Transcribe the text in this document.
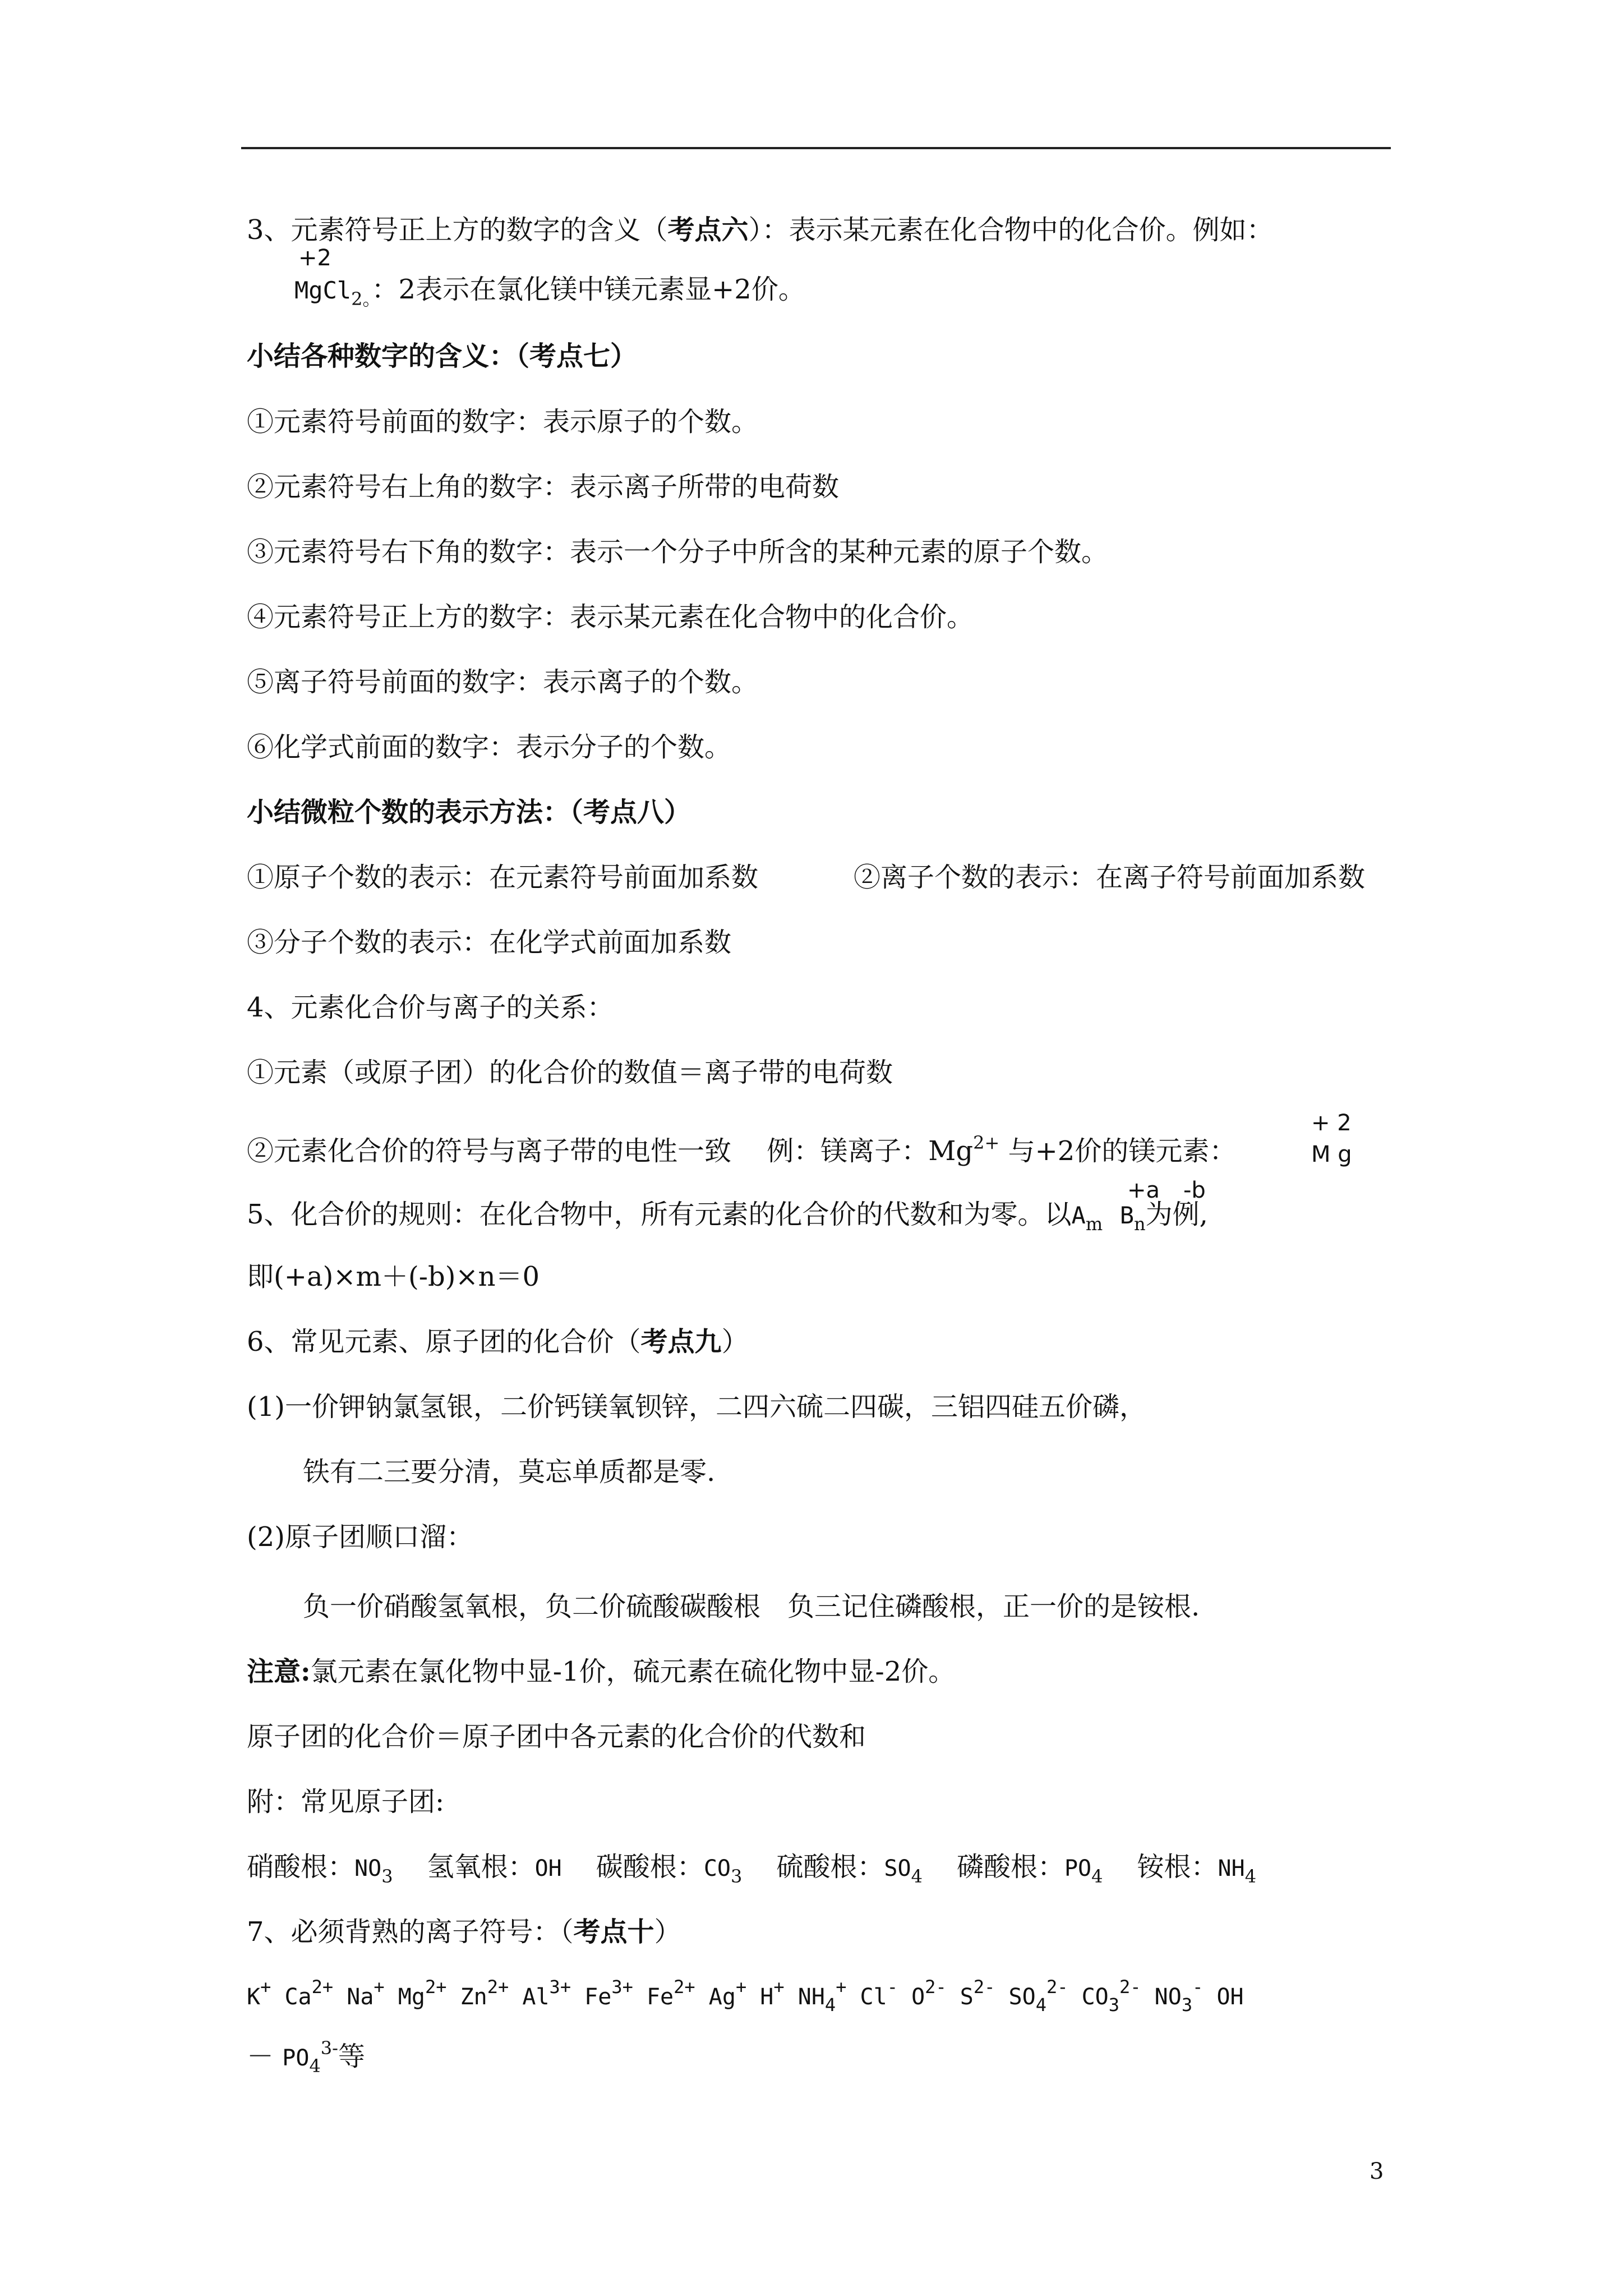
3、元素符号正上方的数字的含义（考点六）：表示某元素在化合物中的化合价。例如：
+2
MgCl$_{2。}$：2表示在氯化镁中镁元素显+2价。
小结各种数字的含义：（考点七）
①元素符号前面的数字：表示原子的个数。
②元素符号右上角的数字：表示离子所带的电荷数
③元素符号右下角的数字：表示一个分子中所含的某种元素的原子个数。
④元素符号正上方的数字：表示某元素在化合物中的化合价。
⑤离子符号前面的数字：表示离子的个数。
⑥化学式前面的数字：表示分子的个数。
小结微粒个数的表示方法：（考点八）
①原子个数的表示：在元素符号前面加系数	②离子个数的表示：在离子符号前面加系数
③分子个数的表示：在化学式前面加系数
4、元素化合价与离子的关系：
①元素（或原子团）的化合价的数值＝离子带的电荷数
②元素化合价的符号与离子带的电性一致　 例：镁离子：$Mg^{2+}$ 与+2价的镁元素：
+ 2
M g
5、化合价的规则：在化合物中，所有元素的化合价的代数和为零。以$A_m$ $B_n$为例,
+a -b
即(+a)×m＋(-b)×n＝0
6、常见元素、原子团的化合价（考点九）
(1)一价钾钠氯氢银，二价钙镁氧钡锌，二四六硫二四碳，三铝四硅五价磷，
铁有二三要分清，莫忘单质都是零.
(2)原子团顺口溜：
负一价硝酸氢氧根，负二价硫酸碳酸根　负三记住磷酸根，正一价的是铵根.
注意:氯元素在氯化物中显-1价，硫元素在硫化物中显-2价。
原子团的化合价＝原子团中各元素的化合价的代数和
附：常见原子团:
硝酸根：$NO_3$ 氢氧根：OH 碳酸根：$CO_3$ 硫酸根：$SO_4$ 磷酸根：$PO_4$ 铵根：$NH_4$
7、必须背熟的离子符号：（考点十）
K+ $Ca^{2+}$ Na+ $Mg^{2+}$ $Zn^{2+}$ $Al^{3+}$ $Fe^{3+}$ $Fe^{2+}$ Ag+ H+ $NH_4^+$ Cl- $O^{2-}$ $S^{2-}$ $SO_4^{2-}$ $CO_3^{2-}$ $NO_3^-$ OH
－ $PO_4^{3-}$等
3
